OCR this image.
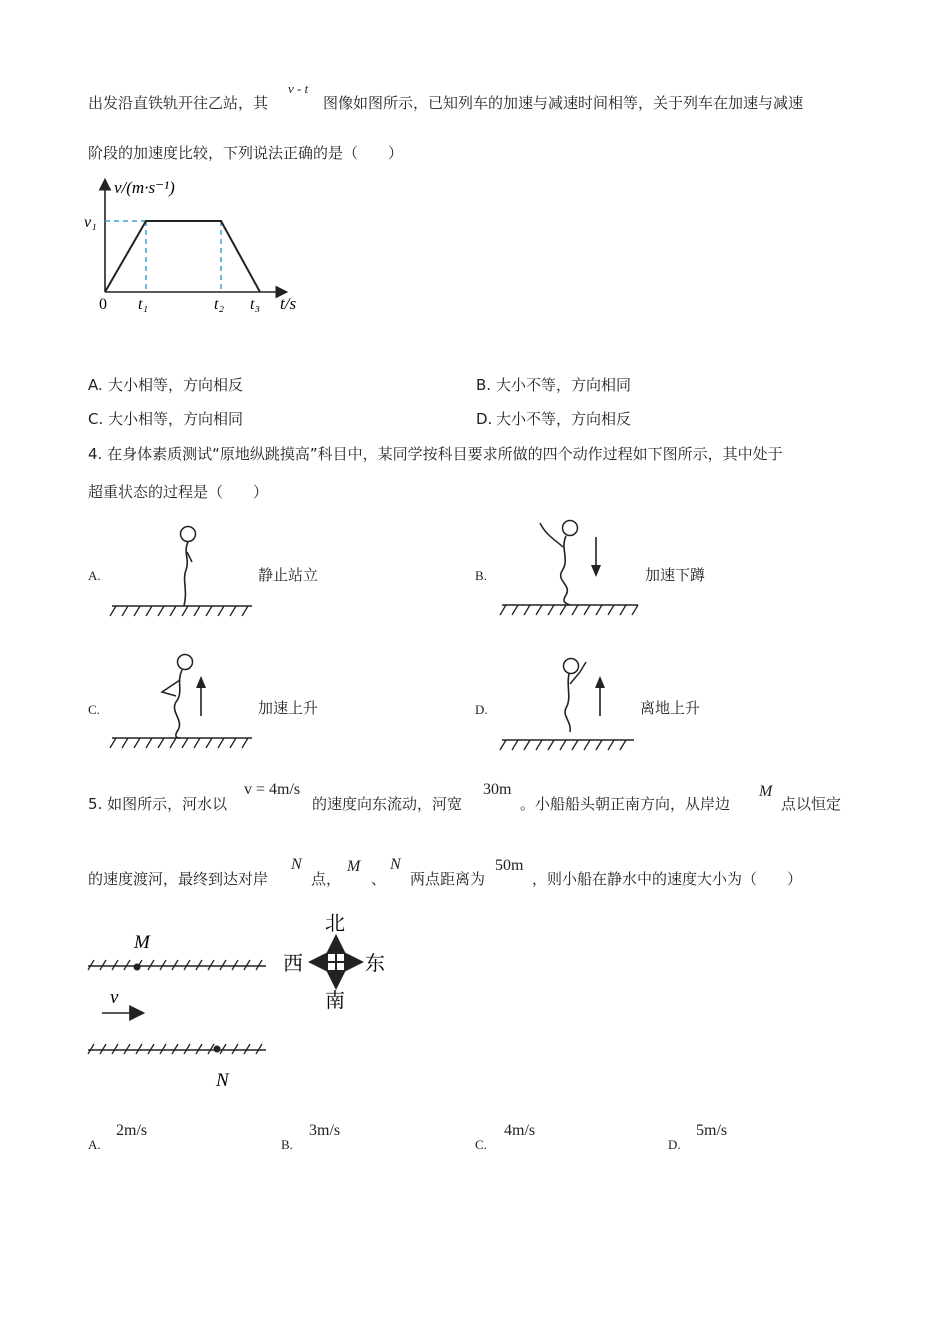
出发沿直铁轨开往乙站，其
v - t
图像如图所示，已知列车的加速与减速时间相等，关于列车在加速与减速
阶段的加速度比较，下列说法正确的是（　　）
v/(m·s⁻¹)
v₁
0 t₁	t₂ t₃ t/s
A. 大小相等，方向相反	B. 大小不等，方向相同
C. 大小相等，方向相同	D. 大小不等，方向相反
4. 在身体素质测试“原地纵跳摸高”科目中，某同学按科目要求所做的四个动作过程如下图所示，其中处于
超重状态的过程是（　　）
A.	静止站立	B.	加速下蹲
C.	加速上升	D.	离地上升
5. 如图所示，河水以
v = 4m/s
的速度向东流动，河宽
30m
。小船船头朝正南方向，从岸边
M
点以恒定
的速度渡河，最终到达对岸
N
点，
M
、
N
两点距离为
50m
，则小船在静水中的速度大小为（　　）
M
v
N
北
南
西	东
A.
2m/s
B.
3m/s
C.
4m/s
D.
5m/s
